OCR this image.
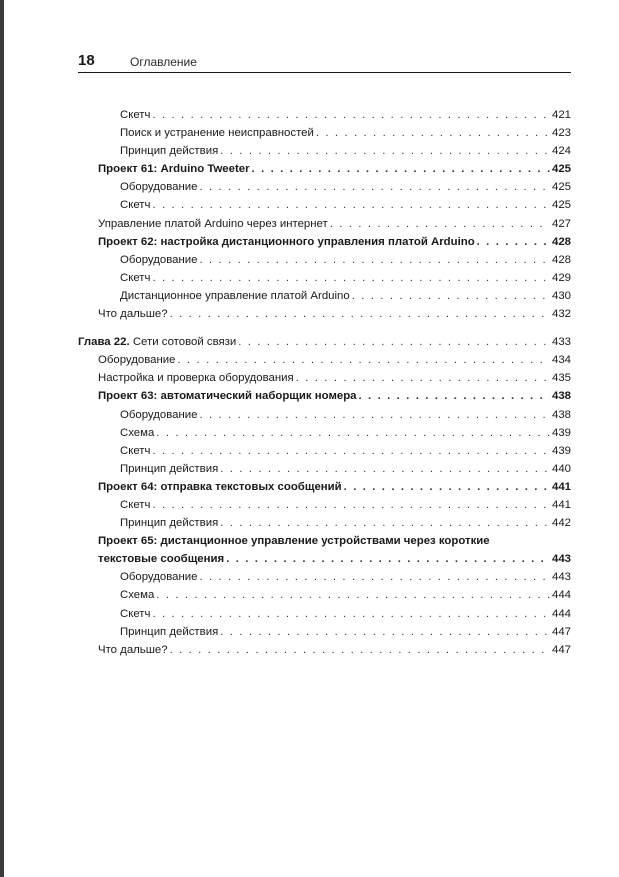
18	Оглавление
Скетч . . .	421
Поиск и устранение неисправностей . . .	423
Принцип действия . . .	424
Проект 61: Arduino Tweeter . . .	425
Оборудование . . .	425
Скетч . . .	425
Управление платой Arduino через интернет . . .	427
Проект 62: настройка дистанционного управления платой Arduino . . .	428
Оборудование . . .	428
Скетч . . .	429
Дистанционное управление платой Arduino . . .	430
Что дальше? . . .	432
Глава 22. Сети сотовой связи . . .	433
Оборудование . . .	434
Настройка и проверка оборудования . . .	435
Проект 63: автоматический наборщик номера . . .	438
Оборудование . . .	438
Схема . . .	439
Скетч . . .	439
Принцип действия . . .	440
Проект 64: отправка текстовых сообщений . . .	441
Скетч . . .	441
Принцип действия . . .	442
Проект 65: дистанционное управление устройствами через короткие
текстовые сообщения . . .	443
Оборудование . . .	443
Схема . . .	444
Скетч . . .	444
Принцип действия . . .	447
Что дальше? . . .	447
